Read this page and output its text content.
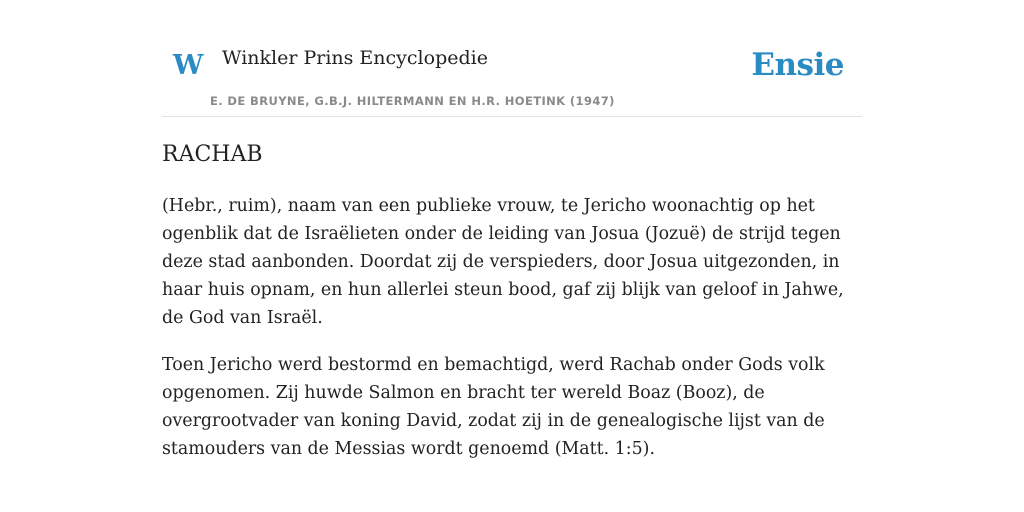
W Winkler Prins Encyclopedie
E. DE BRUYNE, G.B.J. HILTERMANN EN H.R. HOETINK (1947)
Ensie
RACHAB

(Hebr., ruim), naam van een publieke vrouw, te Jericho woonachtig op het ogenblik dat de Israëlieten onder de leiding van Josua (Jozuë) de strijd tegen deze stad aanbonden. Doordat zij de verspieders, door Josua uitgezonden, in haar huis opnam, en hun allerlei steun bood, gaf zij blijk van geloof in Jahwe, de God van Israël.

Toen Jericho werd bestormd en bemachtigd, werd Rachab onder Gods volk opgenomen. Zij huwde Salmon en bracht ter wereld Boaz (Booz), de overgrootvader van koning David, zodat zij in de genealogische lijst van de stamouders van de Messias wordt genoemd (Matt. 1:5).
